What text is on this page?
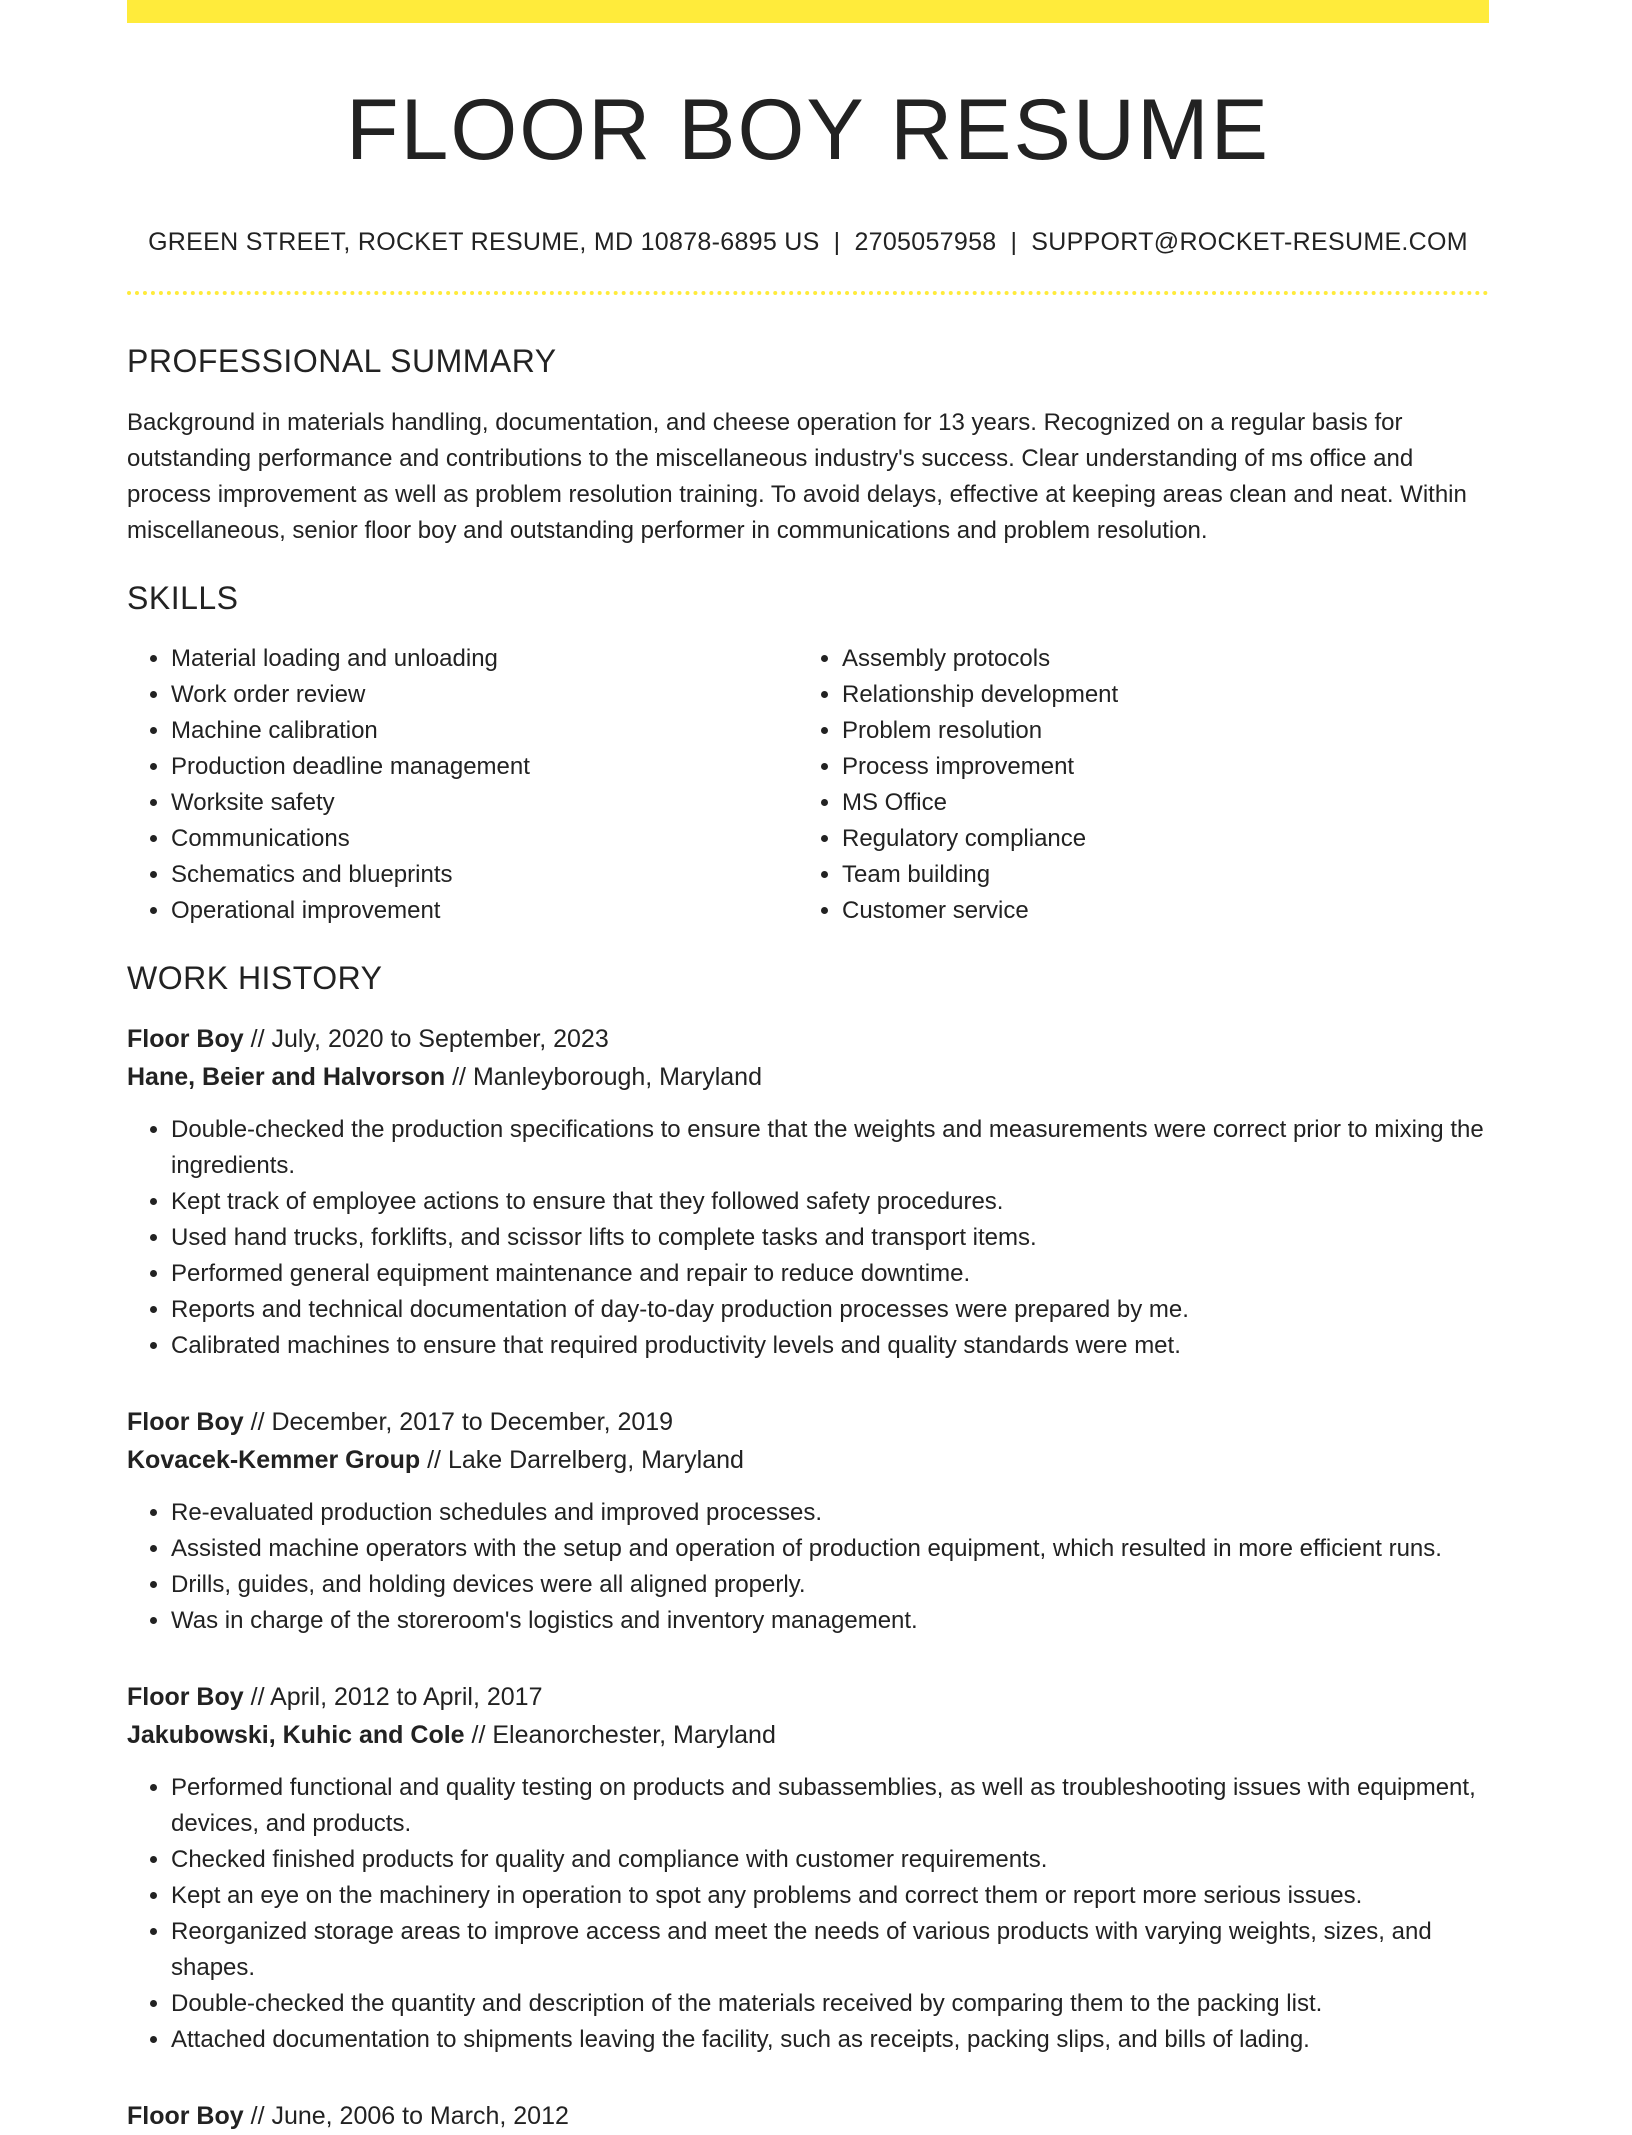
FLOOR BOY RESUME
GREEN STREET, ROCKET RESUME, MD 10878-6895 US | 2705057958 | SUPPORT@ROCKET-RESUME.COM
PROFESSIONAL SUMMARY

Background in materials handling, documentation, and cheese operation for 13 years. Recognized on a regular basis for outstanding performance and contributions to the miscellaneous industry's success. Clear understanding of ms office and process improvement as well as problem resolution training. To avoid delays, effective at keeping areas clean and neat. Within miscellaneous, senior floor boy and outstanding performer in communications and problem resolution.

SKILLS
• Material loading and unloading
• Work order review
• Machine calibration
• Production deadline management
• Worksite safety
• Communications
• Schematics and blueprints
• Operational improvement
• Assembly protocols
• Relationship development
• Problem resolution
• Process improvement
• MS Office
• Regulatory compliance
• Team building
• Customer service
WORK HISTORY
Floor Boy // July, 2020 to September, 2023
Hane, Beier and Halvorson // Manleyborough, Maryland
• Double-checked the production specifications to ensure that the weights and measurements were correct prior to mixing the ingredients.
• Kept track of employee actions to ensure that they followed safety procedures.
• Used hand trucks, forklifts, and scissor lifts to complete tasks and transport items.
• Performed general equipment maintenance and repair to reduce downtime.
• Reports and technical documentation of day-to-day production processes were prepared by me.
• Calibrated machines to ensure that required productivity levels and quality standards were met.
Floor Boy // December, 2017 to December, 2019
Kovacek-Kemmer Group // Lake Darrelberg, Maryland
• Re-evaluated production schedules and improved processes.
• Assisted machine operators with the setup and operation of production equipment, which resulted in more efficient runs.
• Drills, guides, and holding devices were all aligned properly.
• Was in charge of the storeroom's logistics and inventory management.
Floor Boy // April, 2012 to April, 2017
Jakubowski, Kuhic and Cole // Eleanorchester, Maryland
• Performed functional and quality testing on products and subassemblies, as well as troubleshooting issues with equipment, devices, and products.
• Checked finished products for quality and compliance with customer requirements.
• Kept an eye on the machinery in operation to spot any problems and correct them or report more serious issues.
• Reorganized storage areas to improve access and meet the needs of various products with varying weights, sizes, and shapes.
• Double-checked the quantity and description of the materials received by comparing them to the packing list.
• Attached documentation to shipments leaving the facility, such as receipts, packing slips, and bills of lading.
Floor Boy // June, 2006 to March, 2012
